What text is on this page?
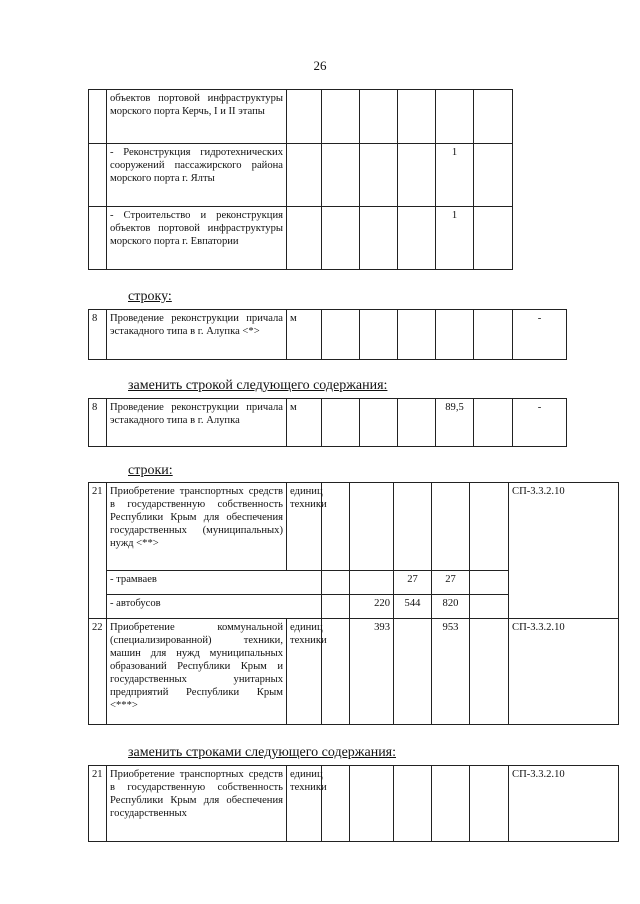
26
	объектов портовой инфраструктуры морского порта Керчь, I и II этапы						
	- Реконструкция гидротехнических сооружений пассажирского района морского порта г. Ялты					1	
	- Строительство и реконструкция объектов портовой инфраструктуры морского порта г. Евпатории					1	
строку:
8	Проведение реконструкции причала эстакадного типа в г. Алупка <*>	м						-
заменить строкой следующего содержания:
8	Проведение реконструкции причала эстакадного типа в г. Алупка	м				89,5		-
строки:
21	Приобретение транспортных средств в государственную собственность Республики Крым для обеспечения государственных (муниципальных) нужд <**>	единиц техники						СП-3.3.2.10
	- трамваев				27	27		
	- автобусов			220	544	820		
22	Приобретение коммунальной (специализированной) техники, машин для нужд муниципальных образований Республики Крым и государственных унитарных предприятий Республики Крым <***>	единиц техники		393		953		СП-3.3.2.10
заменить строками следующего содержания:
21	Приобретение транспортных средств в государственную собственность Республики Крым для обеспечения государственных	единиц техники						СП-3.3.2.10
